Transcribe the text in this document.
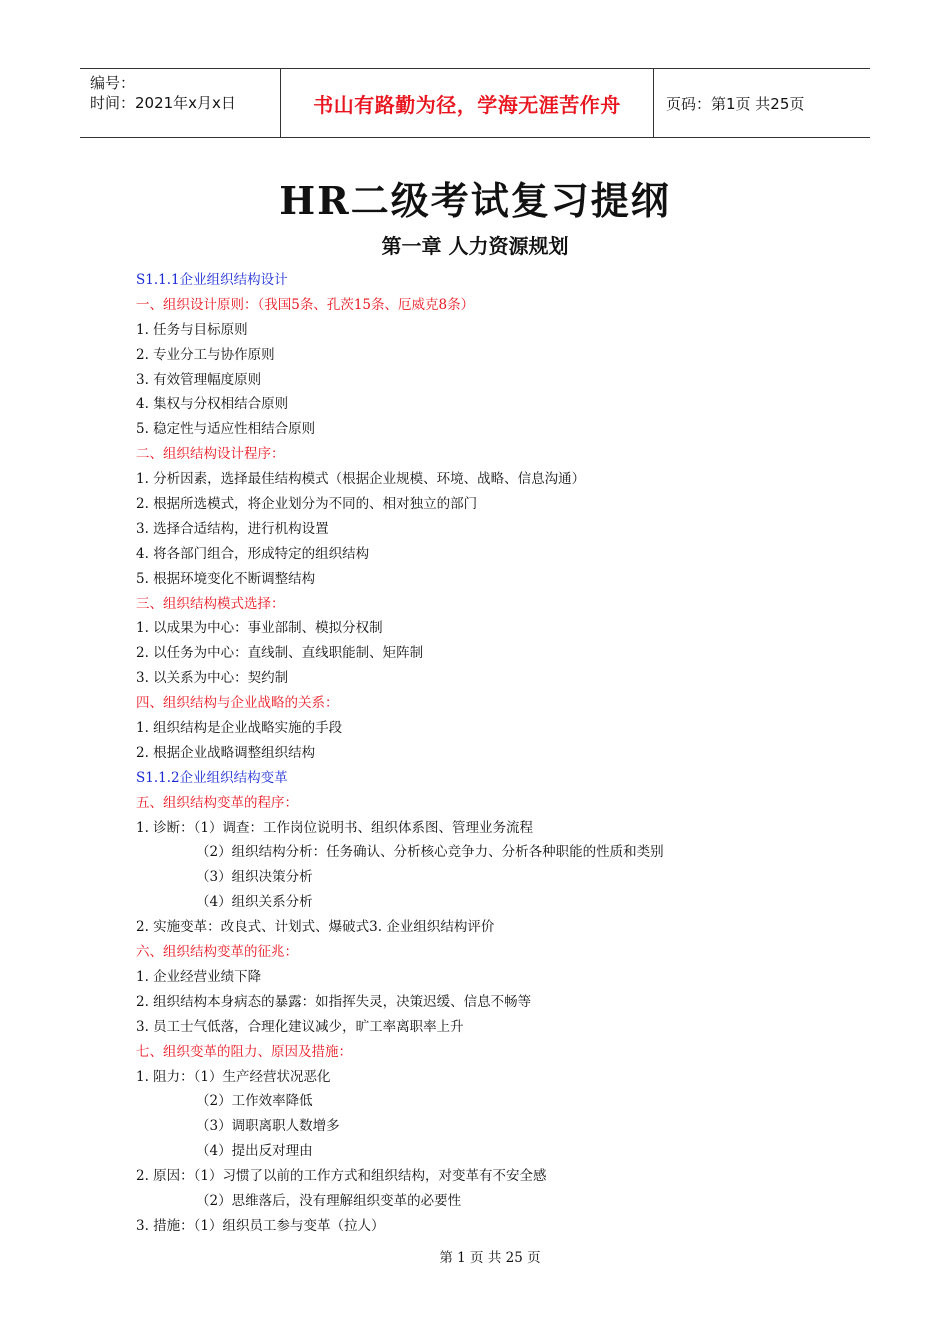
编号：
时间：2021年x月x日	书山有路勤为径，学海无涯苦作舟	页码：第1页 共25页
HR二级考试复习提纲
第一章 人力资源规划
S1.1.1企业组织结构设计
一、组织设计原则：（我国5条、孔茨15条、厄威克8条）
1. 任务与目标原则
2. 专业分工与协作原则
3. 有效管理幅度原则
4. 集权与分权相结合原则
5. 稳定性与适应性相结合原则
二、组织结构设计程序：
1. 分析因素，选择最佳结构模式（根据企业规模、环境、战略、信息沟通）
2. 根据所选模式，将企业划分为不同的、相对独立的部门
3. 选择合适结构，进行机构设置
4. 将各部门组合，形成特定的组织结构
5. 根据环境变化不断调整结构
三、组织结构模式选择：
1. 以成果为中心：事业部制、模拟分权制
2. 以任务为中心：直线制、直线职能制、矩阵制
3. 以关系为中心：契约制
四、组织结构与企业战略的关系：
1. 组织结构是企业战略实施的手段
2. 根据企业战略调整组织结构
S1.1.2企业组织结构变革
五、组织结构变革的程序：
1. 诊断：（1）调查：工作岗位说明书、组织体系图、管理业务流程
（2）组织结构分析：任务确认、分析核心竞争力、分析各种职能的性质和类别
（3）组织决策分析
（4）组织关系分析
2. 实施变革：改良式、计划式、爆破式3. 企业组织结构评价
六、组织结构变革的征兆：
1. 企业经营业绩下降
2. 组织结构本身病态的暴露：如指挥失灵，决策迟缓、信息不畅等
3. 员工士气低落，合理化建议减少，旷工率离职率上升
七、组织变革的阻力、原因及措施：
1. 阻力：（1）生产经营状况恶化
（2）工作效率降低
（3）调职离职人数增多
（4）提出反对理由
2. 原因：（1）习惯了以前的工作方式和组织结构，对变革有不安全感
（2）思维落后，没有理解组织变革的必要性
3. 措施：（1）组织员工参与变革（拉人）
第 1 页 共 25 页
